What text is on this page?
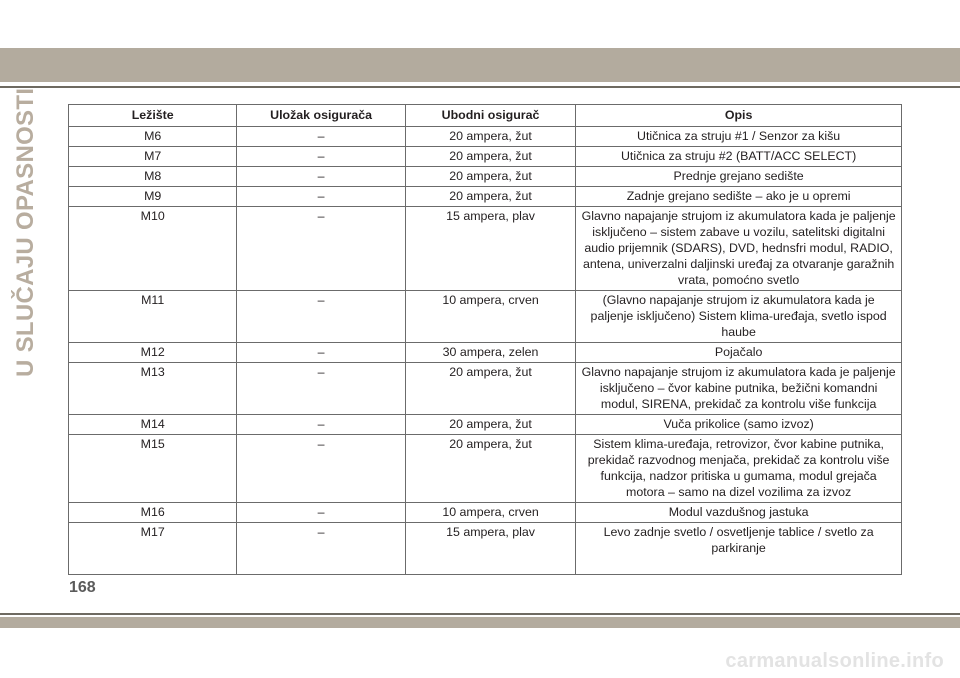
U SLUČAJU OPASNOSTI	Ležište	Uložak osigurača	Ubodni osigurač	Opis
M6	–	20 ampera, žut	Utičnica za struju #1 / Senzor za kišu
M7	–	20 ampera, žut	Utičnica za struju #2 (BATT/ACC SELECT)
M8	–	20 ampera, žut	Prednje grejano sedište
M9	–	20 ampera, žut	Zadnje grejano sedište – ako je u opremi
M10	–	15 ampera, plav	Glavno napajanje strujom iz akumulatora kada je paljenje isključeno – sistem zabave u vozilu, satelitski digitalni audio prijemnik (SDARS), DVD, hednsfri modul, RADIO, antena, univerzalni daljinski uređaj za otvaranje garažnih vrata, pomoćno svetlo
M11	–	10 ampera, crven	(Glavno napajanje strujom iz akumulatora kada je paljenje isključeno) Sistem klima-uređaja, svetlo ispod haube
M12	–	30 ampera, zelen	Pojačalo
M13	–	20 ampera, žut	Glavno napajanje strujom iz akumulatora kada je paljenje isključeno – čvor kabine putnika, bežični komandni modul, SIRENA, prekidač za kontrolu više funkcija
M14	–	20 ampera, žut	Vuča prikolice (samo izvoz)
M15	–	20 ampera, žut	Sistem klima-uređaja, retrovizor, čvor kabine putnika, prekidač razvodnog menjača, prekidač za kontrolu više funkcija, nadzor pritiska u gumama, modul grejača motora – samo na dizel vozilima za izvoz
M16	–	10 ampera, crven	Modul vazdušnog jastuka
M17	–	15 ampera, plav	Levo zadnje svetlo / osvetljenje tablice / svetlo za parkiranje
168
carmanualsonline.info
